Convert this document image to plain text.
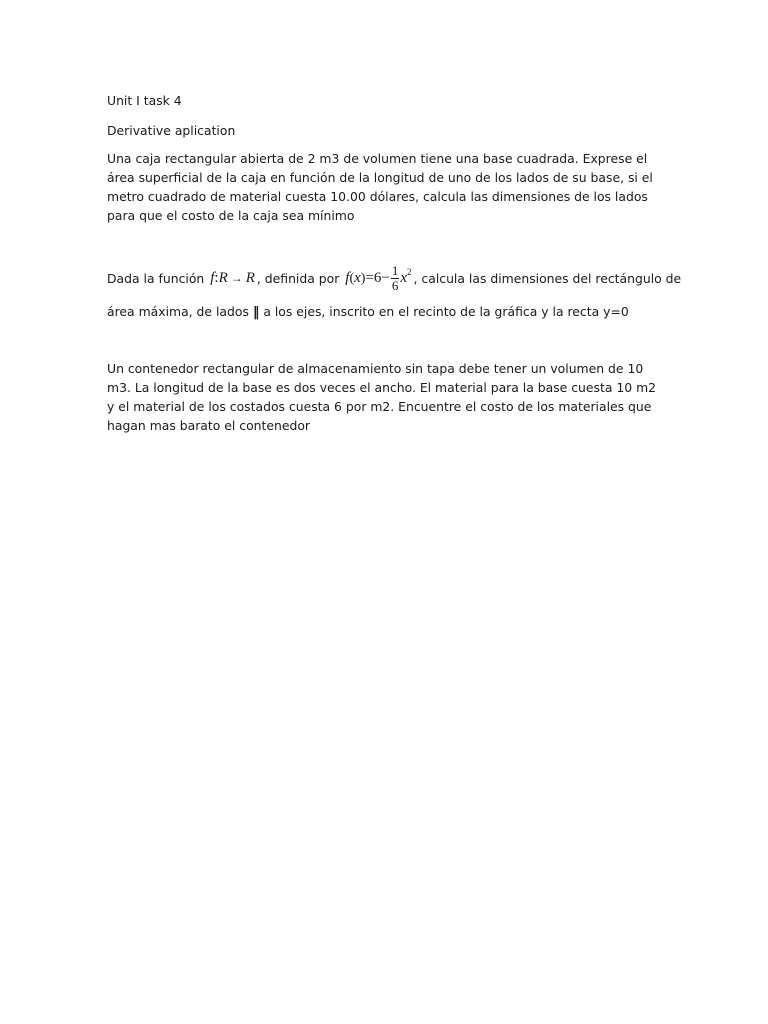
Unit I task 4

Derivative aplication

Una caja rectangular abierta de 2 m3 de volumen tiene una base cuadrada. Exprese el área superficial de la caja en función de la longitud de uno de los lados de su base, si el metro cuadrado de material cuesta 10.00 dólares, calcula las dimensiones de los lados para que el costo de la caja sea mínimo

Dada la función
f : R → R , definida por
f ( x ) $=6- \frac{1}{6}$ x 2 , calcula las dimensiones del rectángulo de

área máxima, de lados ‖ a los ejes, inscrito en el recinto de la gráfica y la recta y=0

Un contenedor rectangular de almacenamiento sin tapa debe tener un volumen de 10 m3. La longitud de la base es dos veces el ancho. El material para la base cuesta 10 m2 y el material de los costados cuesta 6 por m2. Encuentre el costo de los materiales que hagan mas barato el contenedor
